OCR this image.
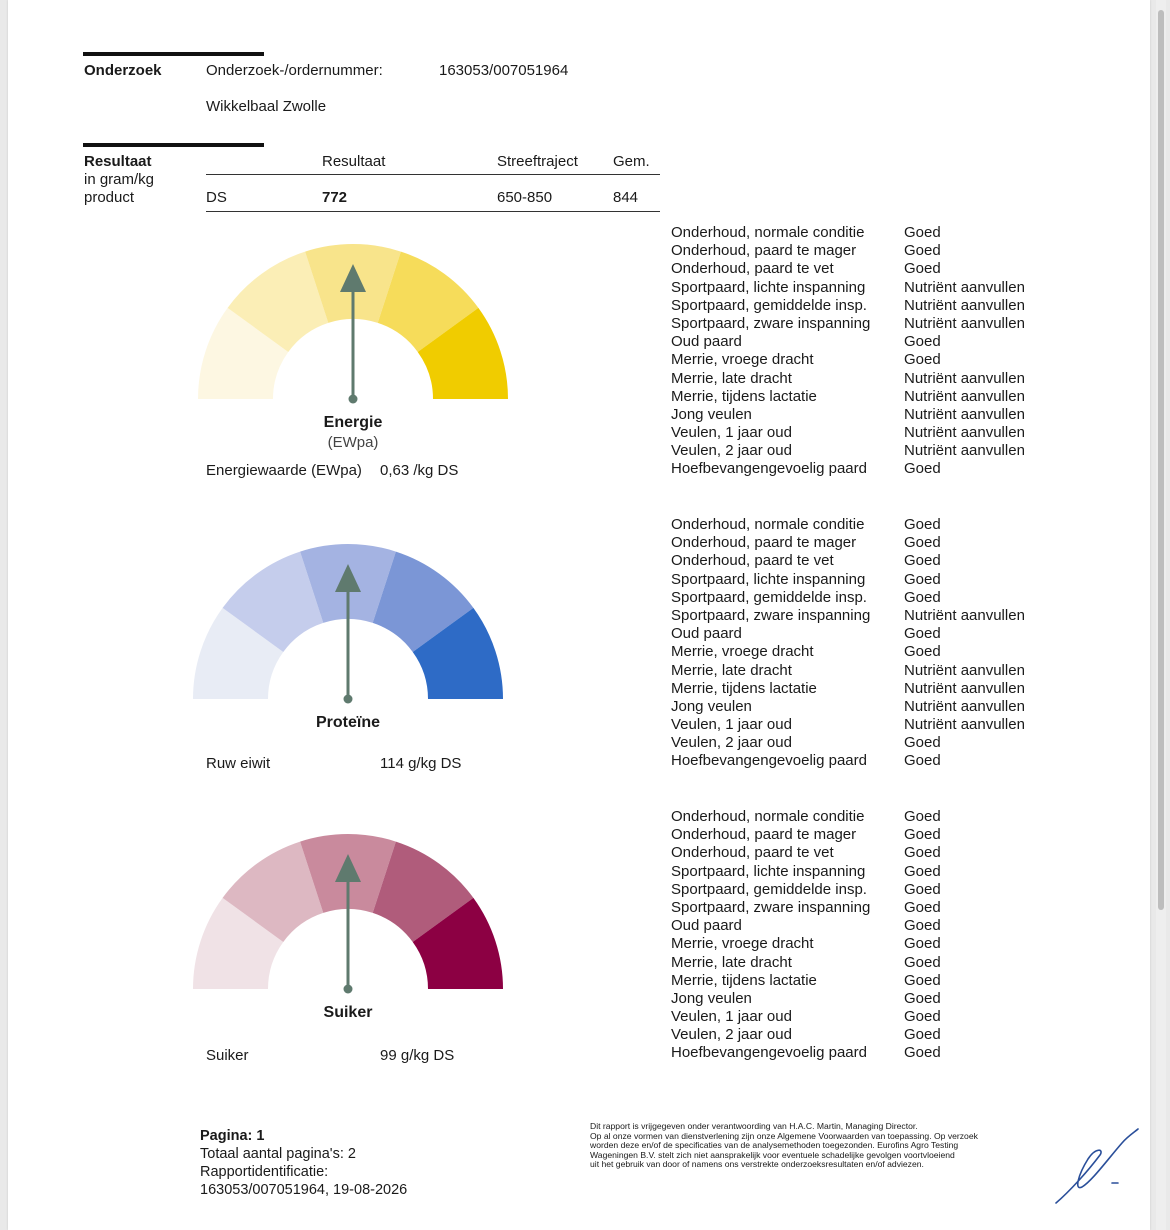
Onderzoek	Onderzoek-/ordernummer:	163053/007051964
Wikkelbaal Zwolle
Resultaat
in gram/kg
product
Resultaat	Streeftraject Gem.
DS	772	650-850	844
Energie
(EWpa)
Energiewaarde (EWpa) 0,63 /kg DS
Onderhoud, normale conditie	Goed
Onderhoud, paard te mager	Goed
Onderhoud, paard te vet	Goed
Sportpaard, lichte inspanning	Nutriënt aanvullen
Sportpaard, gemiddelde insp. Nutriënt aanvullen
Sportpaard, zware inspanning Nutriënt aanvullen
Oud paard	Goed
Merrie, vroege dracht	Goed
Merrie, late dracht	Nutriënt aanvullen
Merrie, tijdens lactatie	Nutriënt aanvullen
Jong veulen	Nutriënt aanvullen
Veulen, 1 jaar oud	Nutriënt aanvullen
Veulen, 2 jaar oud	Nutriënt aanvullen
Hoefbevangengevoelig paard Goed
Proteïne
Ruw eiwit	114 g/kg DS
Onderhoud, normale conditie	Goed
Onderhoud, paard te mager	Goed
Onderhoud, paard te vet	Goed
Sportpaard, lichte inspanning	Goed
Sportpaard, gemiddelde insp. Goed
Sportpaard, zware inspanning Nutriënt aanvullen
Oud paard	Goed
Merrie, vroege dracht	Goed
Merrie, late dracht	Nutriënt aanvullen
Merrie, tijdens lactatie	Nutriënt aanvullen
Jong veulen	Nutriënt aanvullen
Veulen, 1 jaar oud	Nutriënt aanvullen
Veulen, 2 jaar oud	Goed
Hoefbevangengevoelig paard Goed
Suiker
Suiker	99 g/kg DS
Onderhoud, normale conditie	Goed
Onderhoud, paard te mager	Goed
Onderhoud, paard te vet	Goed
Sportpaard, lichte inspanning	Goed
Sportpaard, gemiddelde insp. Goed
Sportpaard, zware inspanning Goed
Oud paard	Goed
Merrie, vroege dracht	Goed
Merrie, late dracht	Goed
Merrie, tijdens lactatie	Goed
Jong veulen	Goed
Veulen, 1 jaar oud	Goed
Veulen, 2 jaar oud	Goed
Hoefbevangengevoelig paard Goed
Pagina: 1
Totaal aantal pagina's: 2
Rapportidentificatie:
163053/007051964, 19-08-2026
Dit rapport is vrijgegeven onder verantwoording van H.A.C. Martin, Managing Director.
Op al onze vormen van dienstverlening zijn onze Algemene Voorwaarden van toepassing. Op verzoek
worden deze en/of de specificaties van de analysemethoden toegezonden. Eurofins Agro Testing
Wageningen B.V. stelt zich niet aansprakelijk voor eventuele schadelijke gevolgen voortvloeiend
uit het gebruik van door of namens ons verstrekte onderzoeksresultaten en/of adviezen.
